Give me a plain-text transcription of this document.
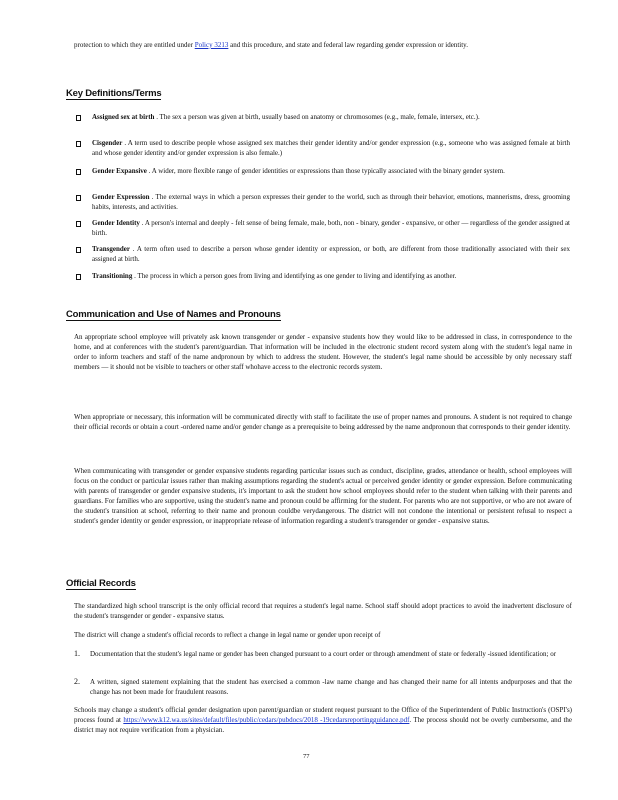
protection to which they are entitled under Policy 3213 and this procedure, and state and federal law regarding gender expression or identity.
Key Definitions/Terms
Assigned sex at birth . The sex a person was given at birth, usually based on anatomy or chromosomes (e.g., male, female, intersex, etc.).
Cisgender . A term used to describe people whose assigned sex matches their gender identity and/or gender expression (e.g., someone who was assigned female at birth and whose gender identity and/or gender expression is also female.)
Gender Expansive . A wider, more flexible range of gender identities or expressions than those typically associated with the binary gender system.
Gender Expression . The external ways in which a person expresses their gender to the world, such as through their behavior, emotions, mannerisms, dress, grooming habits, interests, and activities.
Gender Identity . A person's internal and deeply - felt sense of being female, male, both, non - binary, gender - expansive, or other — regardless of the gender assigned at birth.
Transgender . A term often used to describe a person whose gender identity or expression, or both, are different from those traditionally associated with their sex assigned at birth.
Transitioning . The process in which a person goes from living and identifying as one gender to living and identifying as another.
Communication and Use of Names and Pronouns
An appropriate school employee will privately ask known transgender or gender - expansive students how they would like to be addressed in class, in correspondence to the home, and at conferences with the student's parent/guardian. That information will be included in the electronic student record system along with the student's legal name in order to inform teachers and staff of the name andpronoun by which to address the student. However, the student's legal name should be accessible by only necessary staff members — it should not be visible to teachers or other staff whohave access to the electronic records system.
When appropriate or necessary, this information will be communicated directly with staff to facilitate the use of proper names and pronouns. A student is not required to change their official records or obtain a court -ordered name and/or gender change as a prerequisite to being addressed by the name andpronoun that corresponds to their gender identity.
When communicating with transgender or gender expansive students regarding particular issues such as conduct, discipline, grades, attendance or health, school employees will focus on the conduct or particular issues rather than making assumptions regarding the student's actual or perceived gender identity or gender expression. Before communicating with parents of transgender or gender expansive students, it's important to ask the student how school employees should refer to the student when talking with their parents and guardians. For families who are supportive, using the student's name and pronoun could be affirming for the student. For parents who are not supportive, or who are not aware of the student's transition at school, referring to their name and pronoun couldbe verydangerous. The district will not condone the intentional or persistent refusal to respect a student's gender identity or gender expression, or inappropriate release of information regarding a student's transgender or gender - expansive status.
Official Records
The standardized high school transcript is the only official record that requires a student's legal name. School staff should adopt practices to avoid the inadvertent disclosure of the student's transgender or gender - expansive status.
The district will change a student's official records to reflect a change in legal name or gender upon receipt of
1. Documentation that the student's legal name or gender has been changed pursuant to a court order or through amendment of state or federally -issued identification; or
2. A written, signed statement explaining that the student has exercised a common -law name change and has changed their name for all intents andpurposes and that the change has not been made for fraudulent reasons.
Schools may change a student's official gender designation upon parent/guardian or student request pursuant to the Office of the Superintendent of Public Instruction's (OSPI's) process found at https://www.k12.wa.us/sites/default/files/public/cedars/pubdocs/2018 -19cedarsreportingguidance.pdf. The process should not be overly cumbersome, and the district may not require verification from a physician.
77
